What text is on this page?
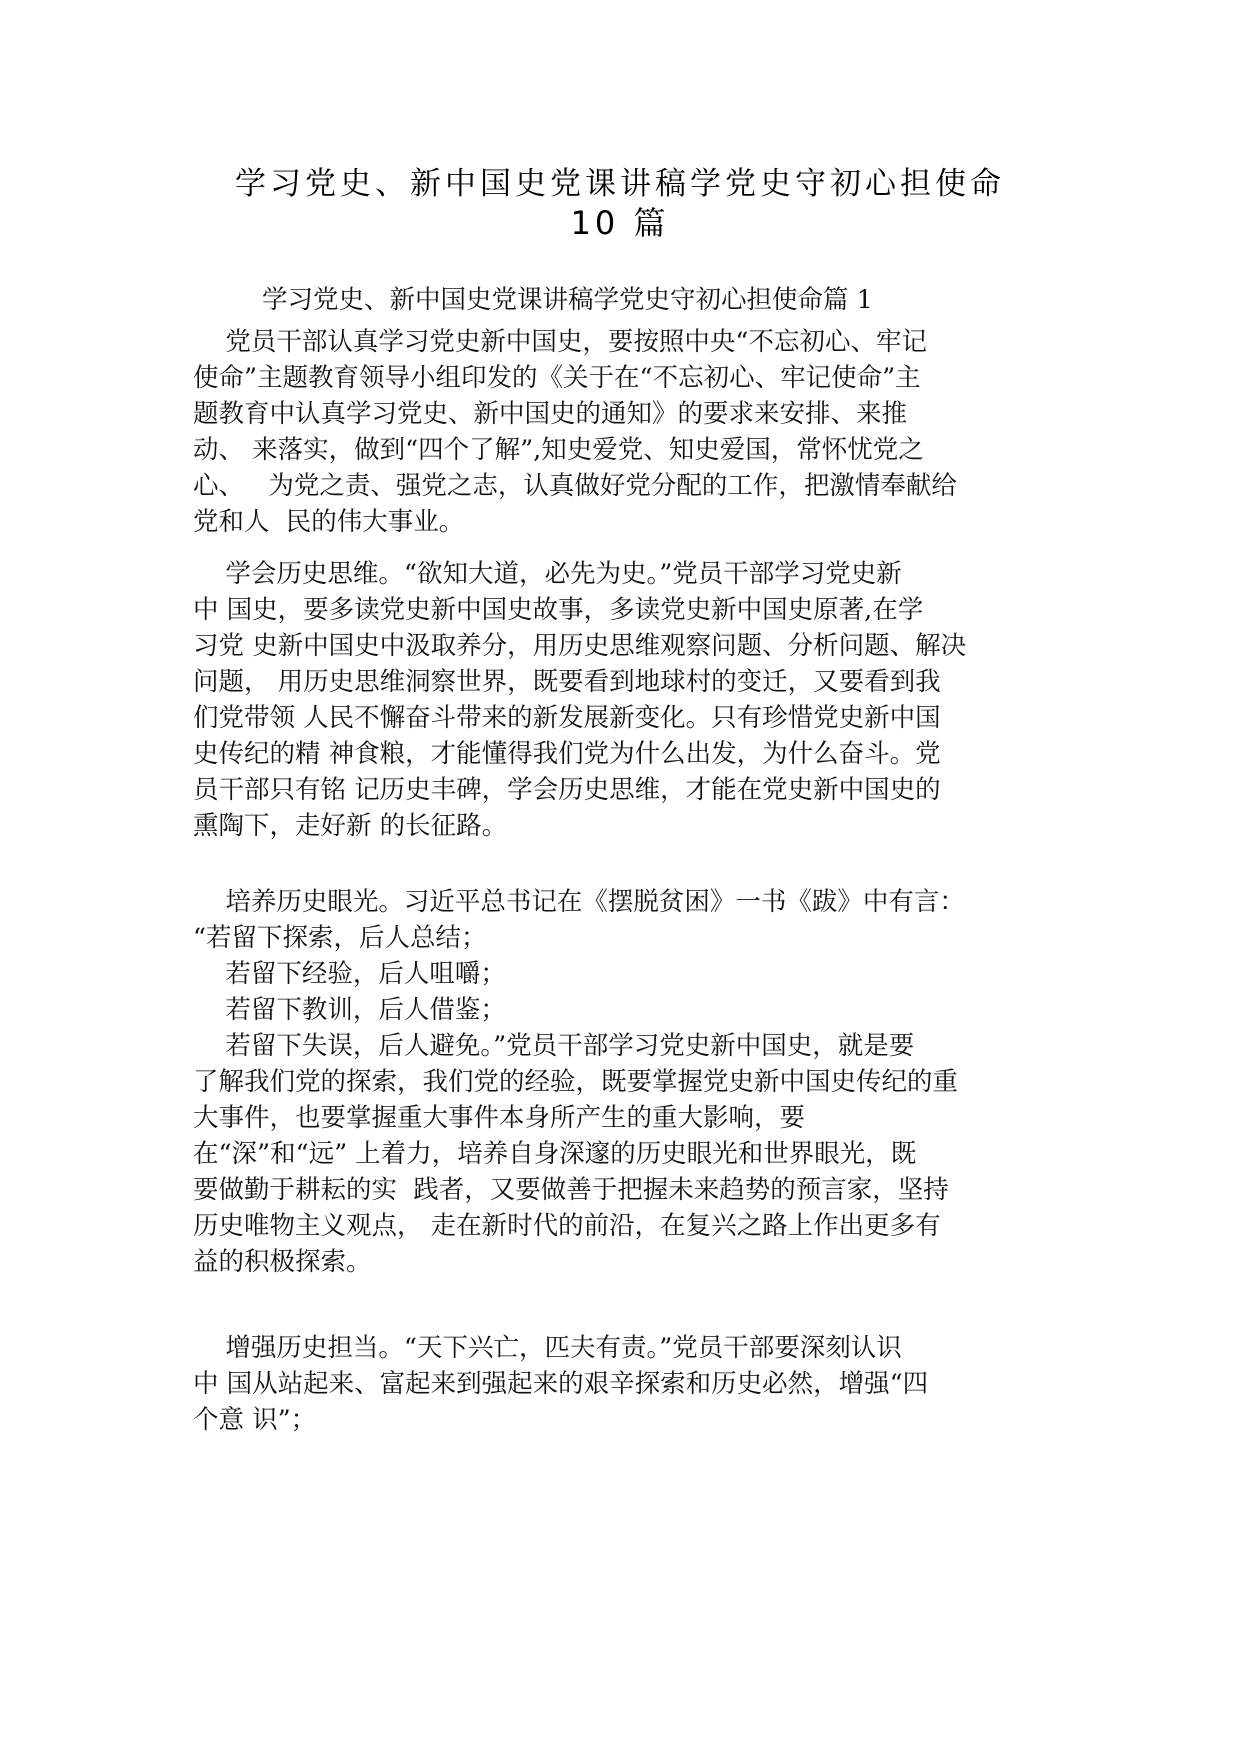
学习党史、新中国史党课讲稿学党史守初心担使命
10 篇
学习党史、新中国史党课讲稿学党史守初心担使命篇 1
党员干部认真学习党史新中国史，要按照中央“不忘初心、牢记
使命”主题教育领导小组印发的《关于在“不忘初心、牢记使命”主
题教育中认真学习党史、新中国史的通知》的要求来安排、来推
动、 来落实，做到“四个了解”,知史爱党、知史爱国，常怀忧党之
心、   为党之责、强党之志，认真做好党分配的工作，把激情奉献给
党和人  民的伟大事业。
学会历史思维。“欲知大道，必先为史。”党员干部学习党史新
中 国史，要多读党史新中国史故事，多读党史新中国史原著,在学
习党 史新中国史中汲取养分，用历史思维观察问题、分析问题、解决
问题， 用历史思维洞察世界，既要看到地球村的变迁，又要看到我
们党带领 人民不懈奋斗带来的新发展新变化。只有珍惜党史新中国
史传纪的精 神食粮，才能懂得我们党为什么出发，为什么奋斗。党
员干部只有铭 记历史丰碑，学会历史思维，才能在党史新中国史的
熏陶下，走好新 的长征路。
培养历史眼光。习近平总书记在《摆脱贫困》一书《跋》中有言：
“若留下探索，后人总结；
若留下经验，后人咀嚼；
若留下教训，后人借鉴；
若留下失误，后人避免。”党员干部学习党史新中国史，就是要
了解我们党的探索，我们党的经验，既要掌握党史新中国史传纪的重
大事件，也要掌握重大事件本身所产生的重大影响，要
在“深”和“远” 上着力，培养自身深邃的历史眼光和世界眼光，既
要做勤于耕耘的实  践者，又要做善于把握未来趋势的预言家，坚持
历史唯物主义观点， 走在新时代的前沿，在复兴之路上作出更多有
益的积极探索。
增强历史担当。“天下兴亡，匹夫有责。”党员干部要深刻认识
中 国从站起来、富起来到强起来的艰辛探索和历史必然，增强“四
个意 识”；
